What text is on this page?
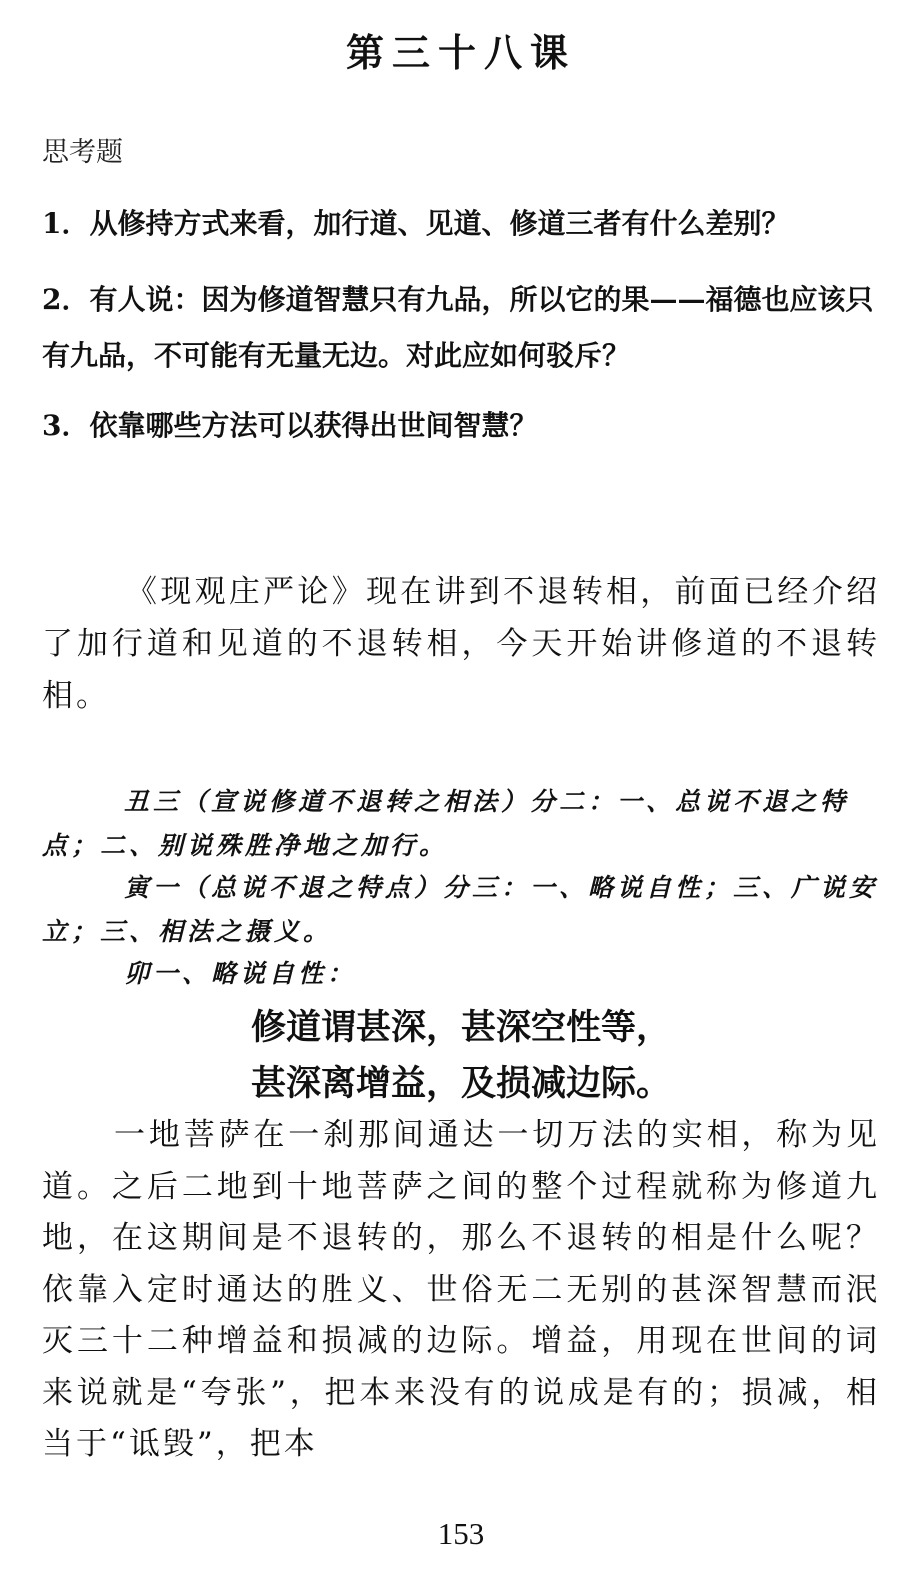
第三十八课
思考题
1．从修持方式来看，加行道、见道、修道三者有什么差别？
2．有人说：因为修道智慧只有九品，所以它的果——福德也应该只有九品，不可能有无量无边。对此应如何驳斥？
3．依靠哪些方法可以获得出世间智慧？
《现观庄严论》现在讲到不退转相，前面已经介绍了加行道和见道的不退转相，今天开始讲修道的不退转相。
丑三（宣说修道不退转之相法）分二：一、总说不退之特点；二、别说殊胜净地之加行。
寅一（总说不退之特点）分三：一、略说自性；三、广说安立；三、相法之摄义。
卯一、略说自性：
修道谓甚深，甚深空性等，
甚深离增益，及损减边际。
一地菩萨在一刹那间通达一切万法的实相，称为见道。之后二地到十地菩萨之间的整个过程就称为修道九地，在这期间是不退转的，那么不退转的相是什么呢？依靠入定时通达的胜义、世俗无二无别的甚深智慧而泯灭三十二种增益和损减的边际。增益，用现在世间的词来说就是“夸张”，把本来没有的说成是有的；损减，相当于“诋毁”，把本
153
